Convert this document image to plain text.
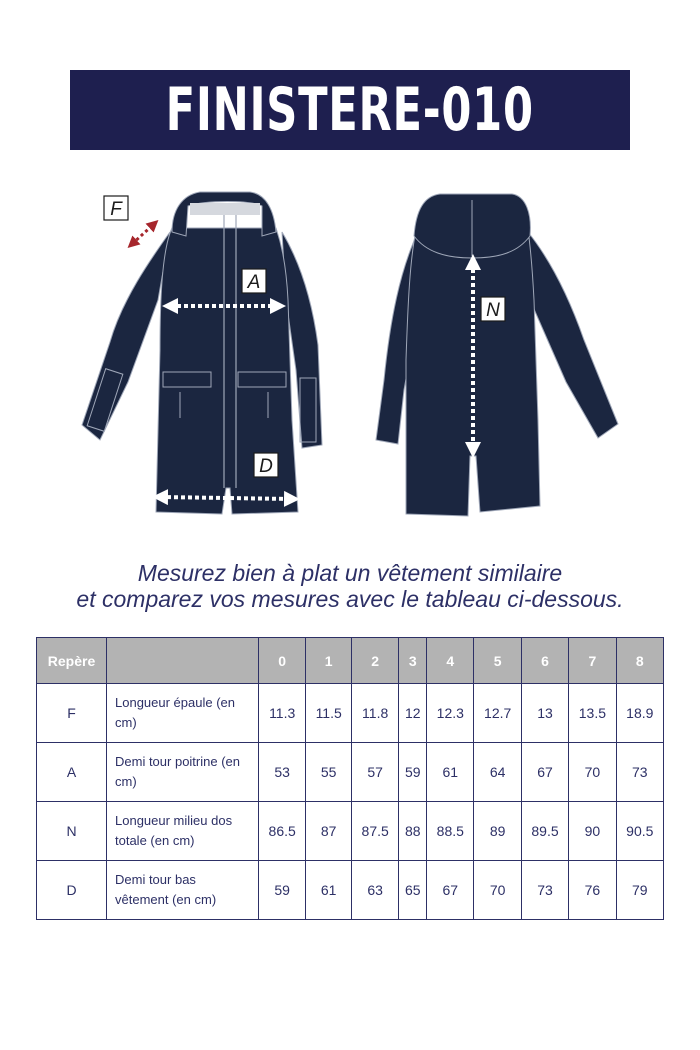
FINISTERE-010
F
A
D
N
Mesurez bien à plat un vêtement similaire
et comparez vos mesures avec le tableau ci-dessous.
Repère		0	1	2	3	4	5	6	7	8
F	Longueur épaule (en cm)	11.3	11.5	11.8	12	12.3	12.7	13	13.5	18.9
A	Demi tour poitrine (en cm)	53	55	57	59	61	64	67	70	73
N	Longueur milieu dos totale (en cm)	86.5	87	87.5	88	88.5	89	89.5	90	90.5
D	Demi tour bas vêtement (en cm)	59	61	63	65	67	70	73	76	79
